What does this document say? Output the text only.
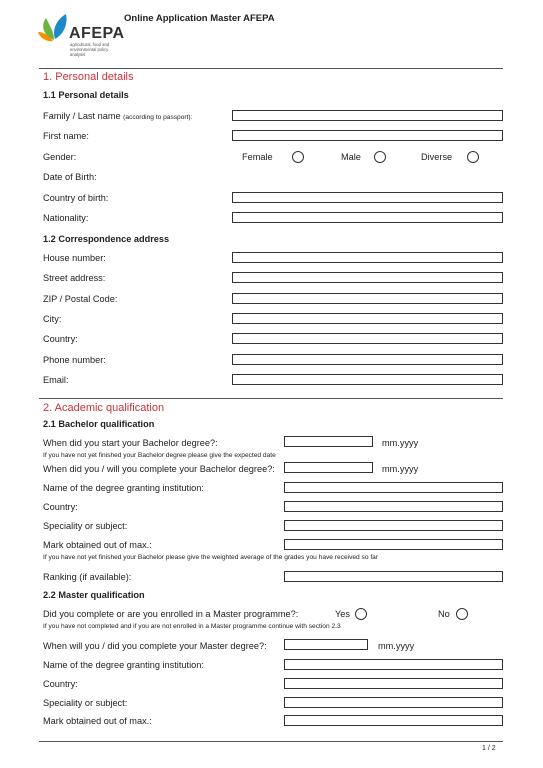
AFEPA
agricultural, food and environmental policy analysis
Online Application Master AFEPA
1. Personal details
1.1 Personal details
Family / Last name (according to passport):
First name:
Gender:	Female	Male	Diverse
Date of Birth:
Country of birth:
Nationality:
1.2 Correspondence address
House number:
Street address:
ZIP / Postal Code:
City:
Country:
Phone number:
Email:
2. Academic qualification
2.1 Bachelor qualification
When did you start your Bachelor degree?:	mm.yyyy
If you have not yet finished your Bachelor degree please give the expected date
When did you / will you complete your Bachelor degree?:	mm.yyyy
Name of the degree granting institution:
Country:
Speciality or subject:
Mark obtained out of max.:
If you have not yet finished your Bachelor please give the weighted average of the grades you have received so far
Ranking (if available):
2.2 Master qualification
Did you complete or are you enrolled in a Master programme?:	Yes	No
If you have not completed and if you are not enrolled in a Master programme continue with section 2.3
When will you / did you complete your Master degree?:	mm.yyyy
Name of the degree granting institution:
Country:
Speciality or subject:
Mark obtained out of max.:
1 / 2
